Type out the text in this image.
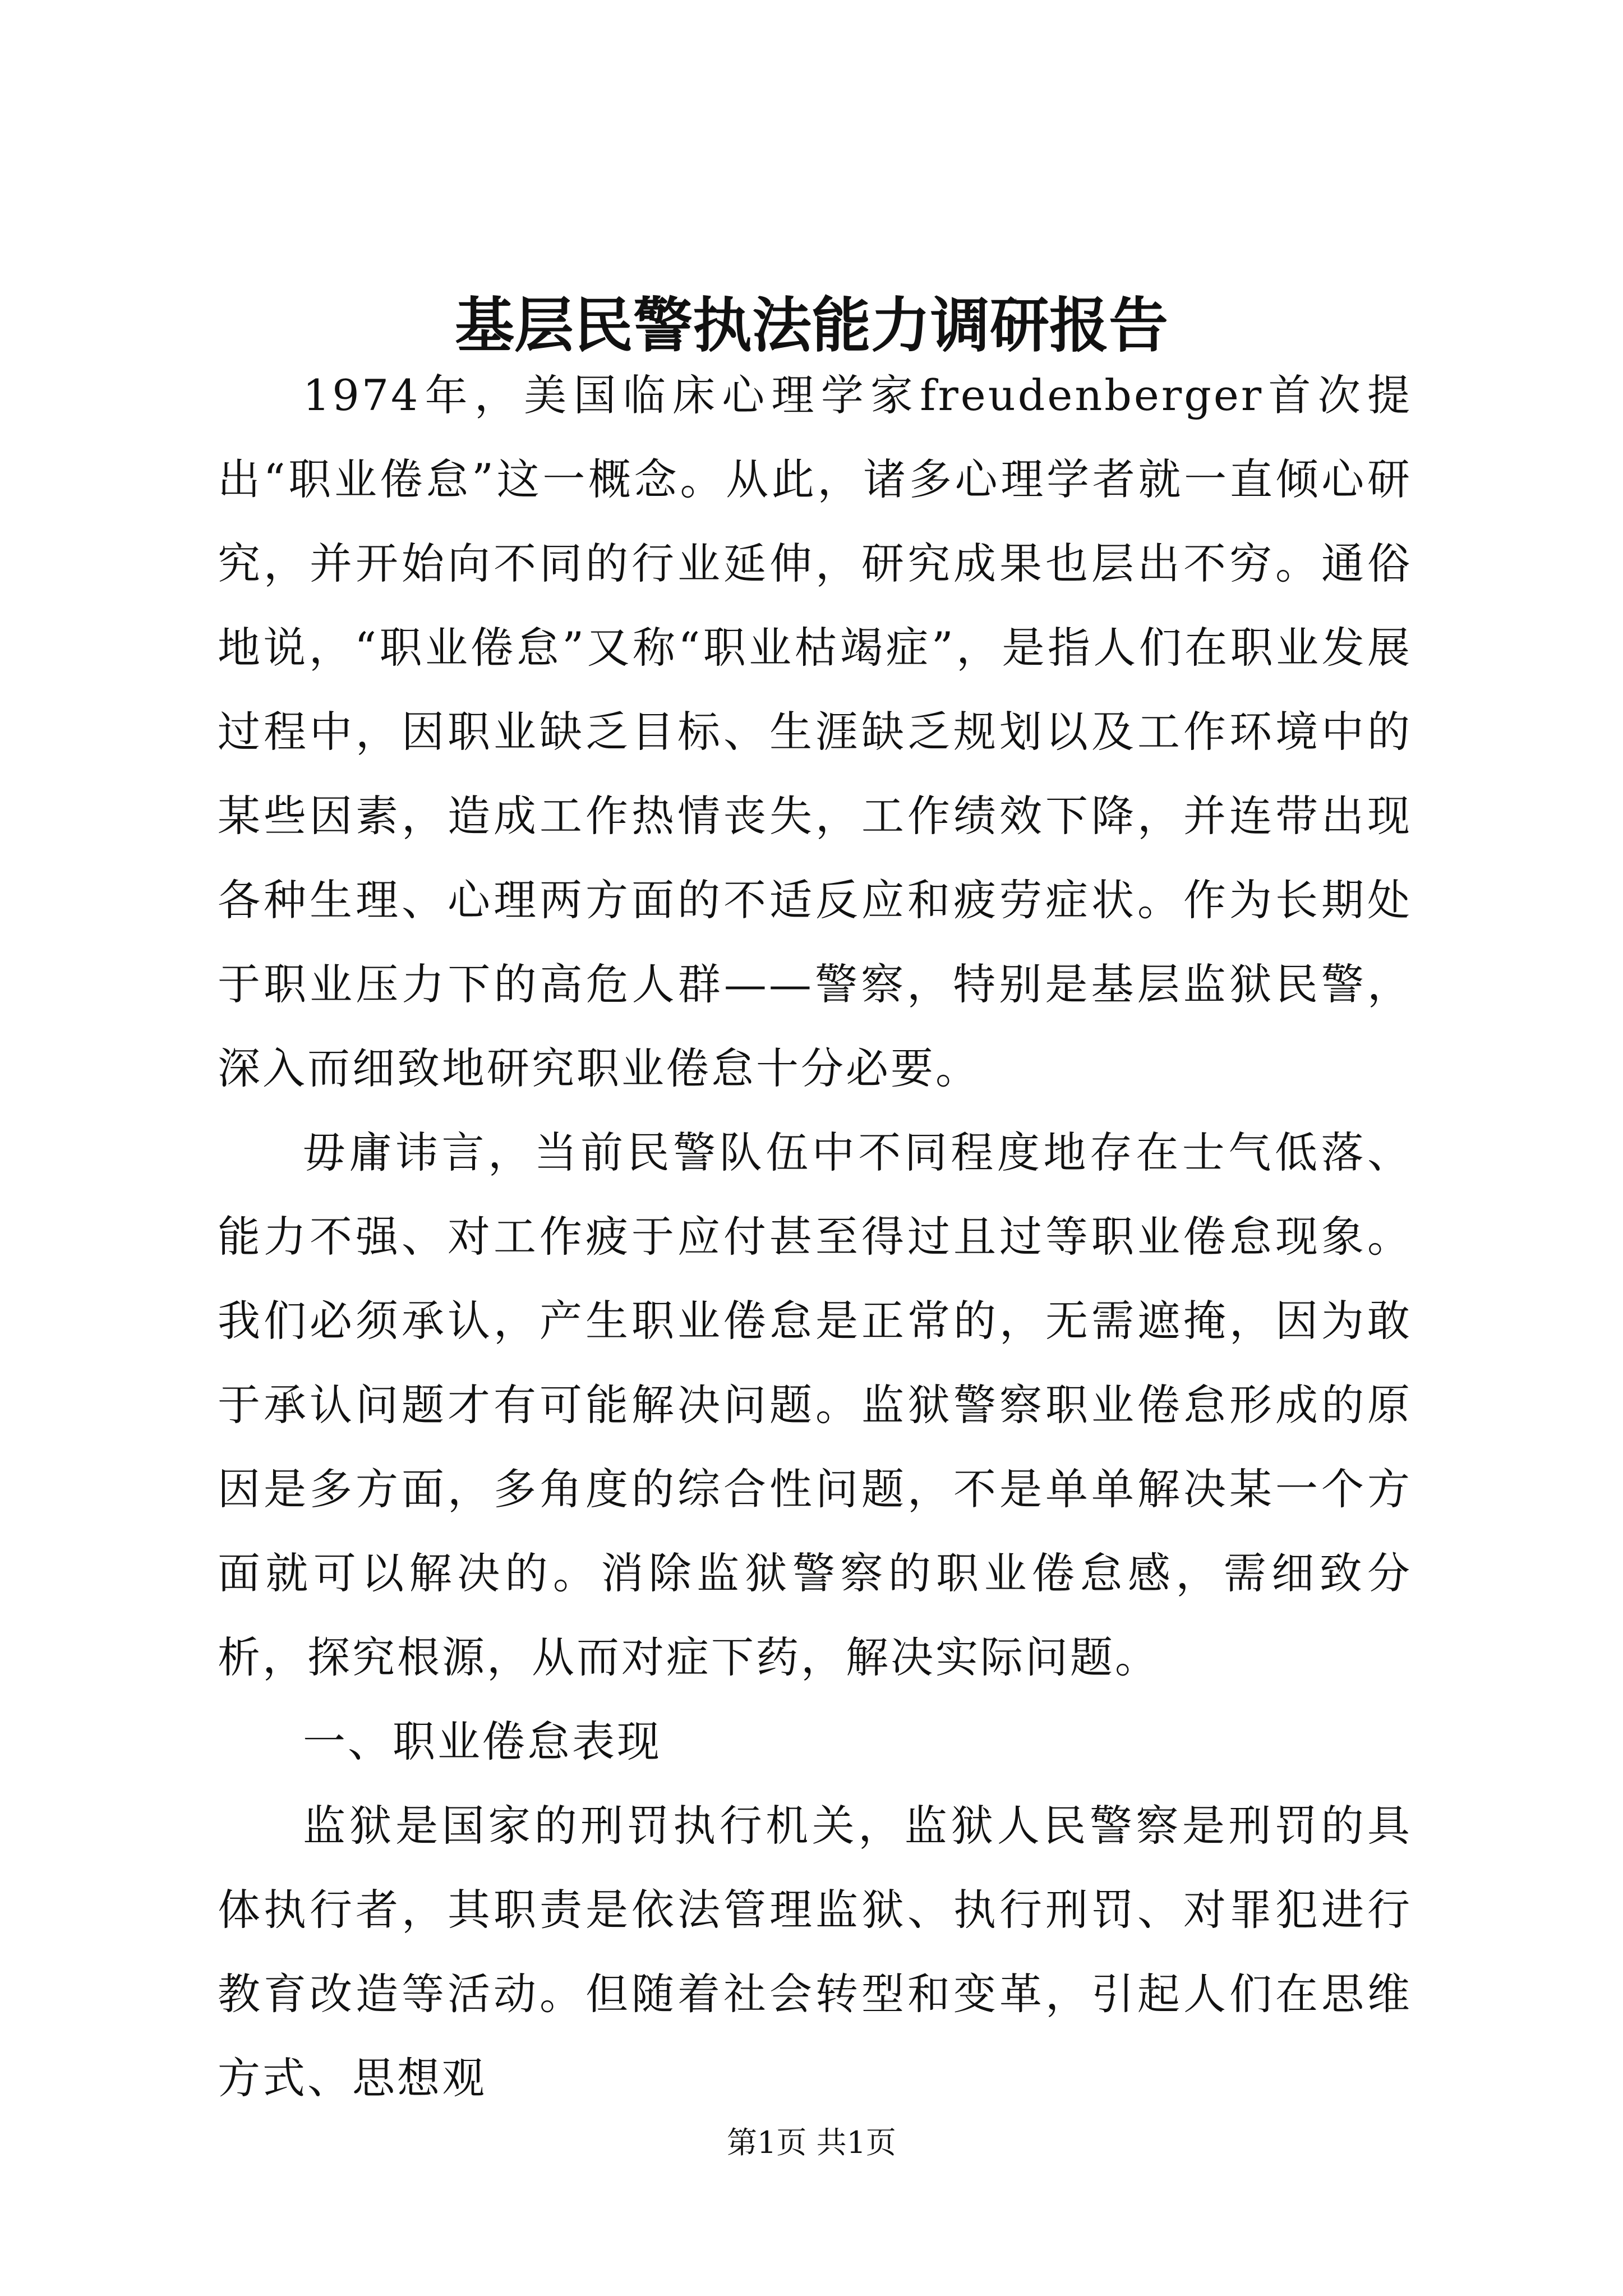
基层民警执法能力调研报告

1974年，美国临床心理学家freudenberger首次提出“职业倦怠”这一概念。从此，诸多心理学者就一直倾心研究，并开始向不同的行业延伸，研究成果也层出不穷。通俗地说，“职业倦怠”又称“职业枯竭症”，是指人们在职业发展过程中，因职业缺乏目标、生涯缺乏规划以及工作环境中的某些因素，造成工作热情丧失，工作绩效下降，并连带出现各种生理、心理两方面的不适反应和疲劳症状。作为长期处于职业压力下的高危人群——警察，特别是基层监狱民警，深入而细致地研究职业倦怠十分必要。

毋庸讳言，当前民警队伍中不同程度地存在士气低落、能力不强、对工作疲于应付甚至得过且过等职业倦怠现象。我们必须承认，产生职业倦怠是正常的，无需遮掩，因为敢于承认问题才有可能解决问题。监狱警察职业倦怠形成的原因是多方面，多角度的综合性问题，不是单单解决某一个方面就可以解决的。消除监狱警察的职业倦怠感，需细致分析，探究根源，从而对症下药，解决实际问题。

一、职业倦怠表现

监狱是国家的刑罚执行机关，监狱人民警察是刑罚的具体执行者，其职责是依法管理监狱、执行刑罚、对罪犯进行教育改造等活动。但随着社会转型和变革，引起人们在思维方式、思想观

第1页 共1页
